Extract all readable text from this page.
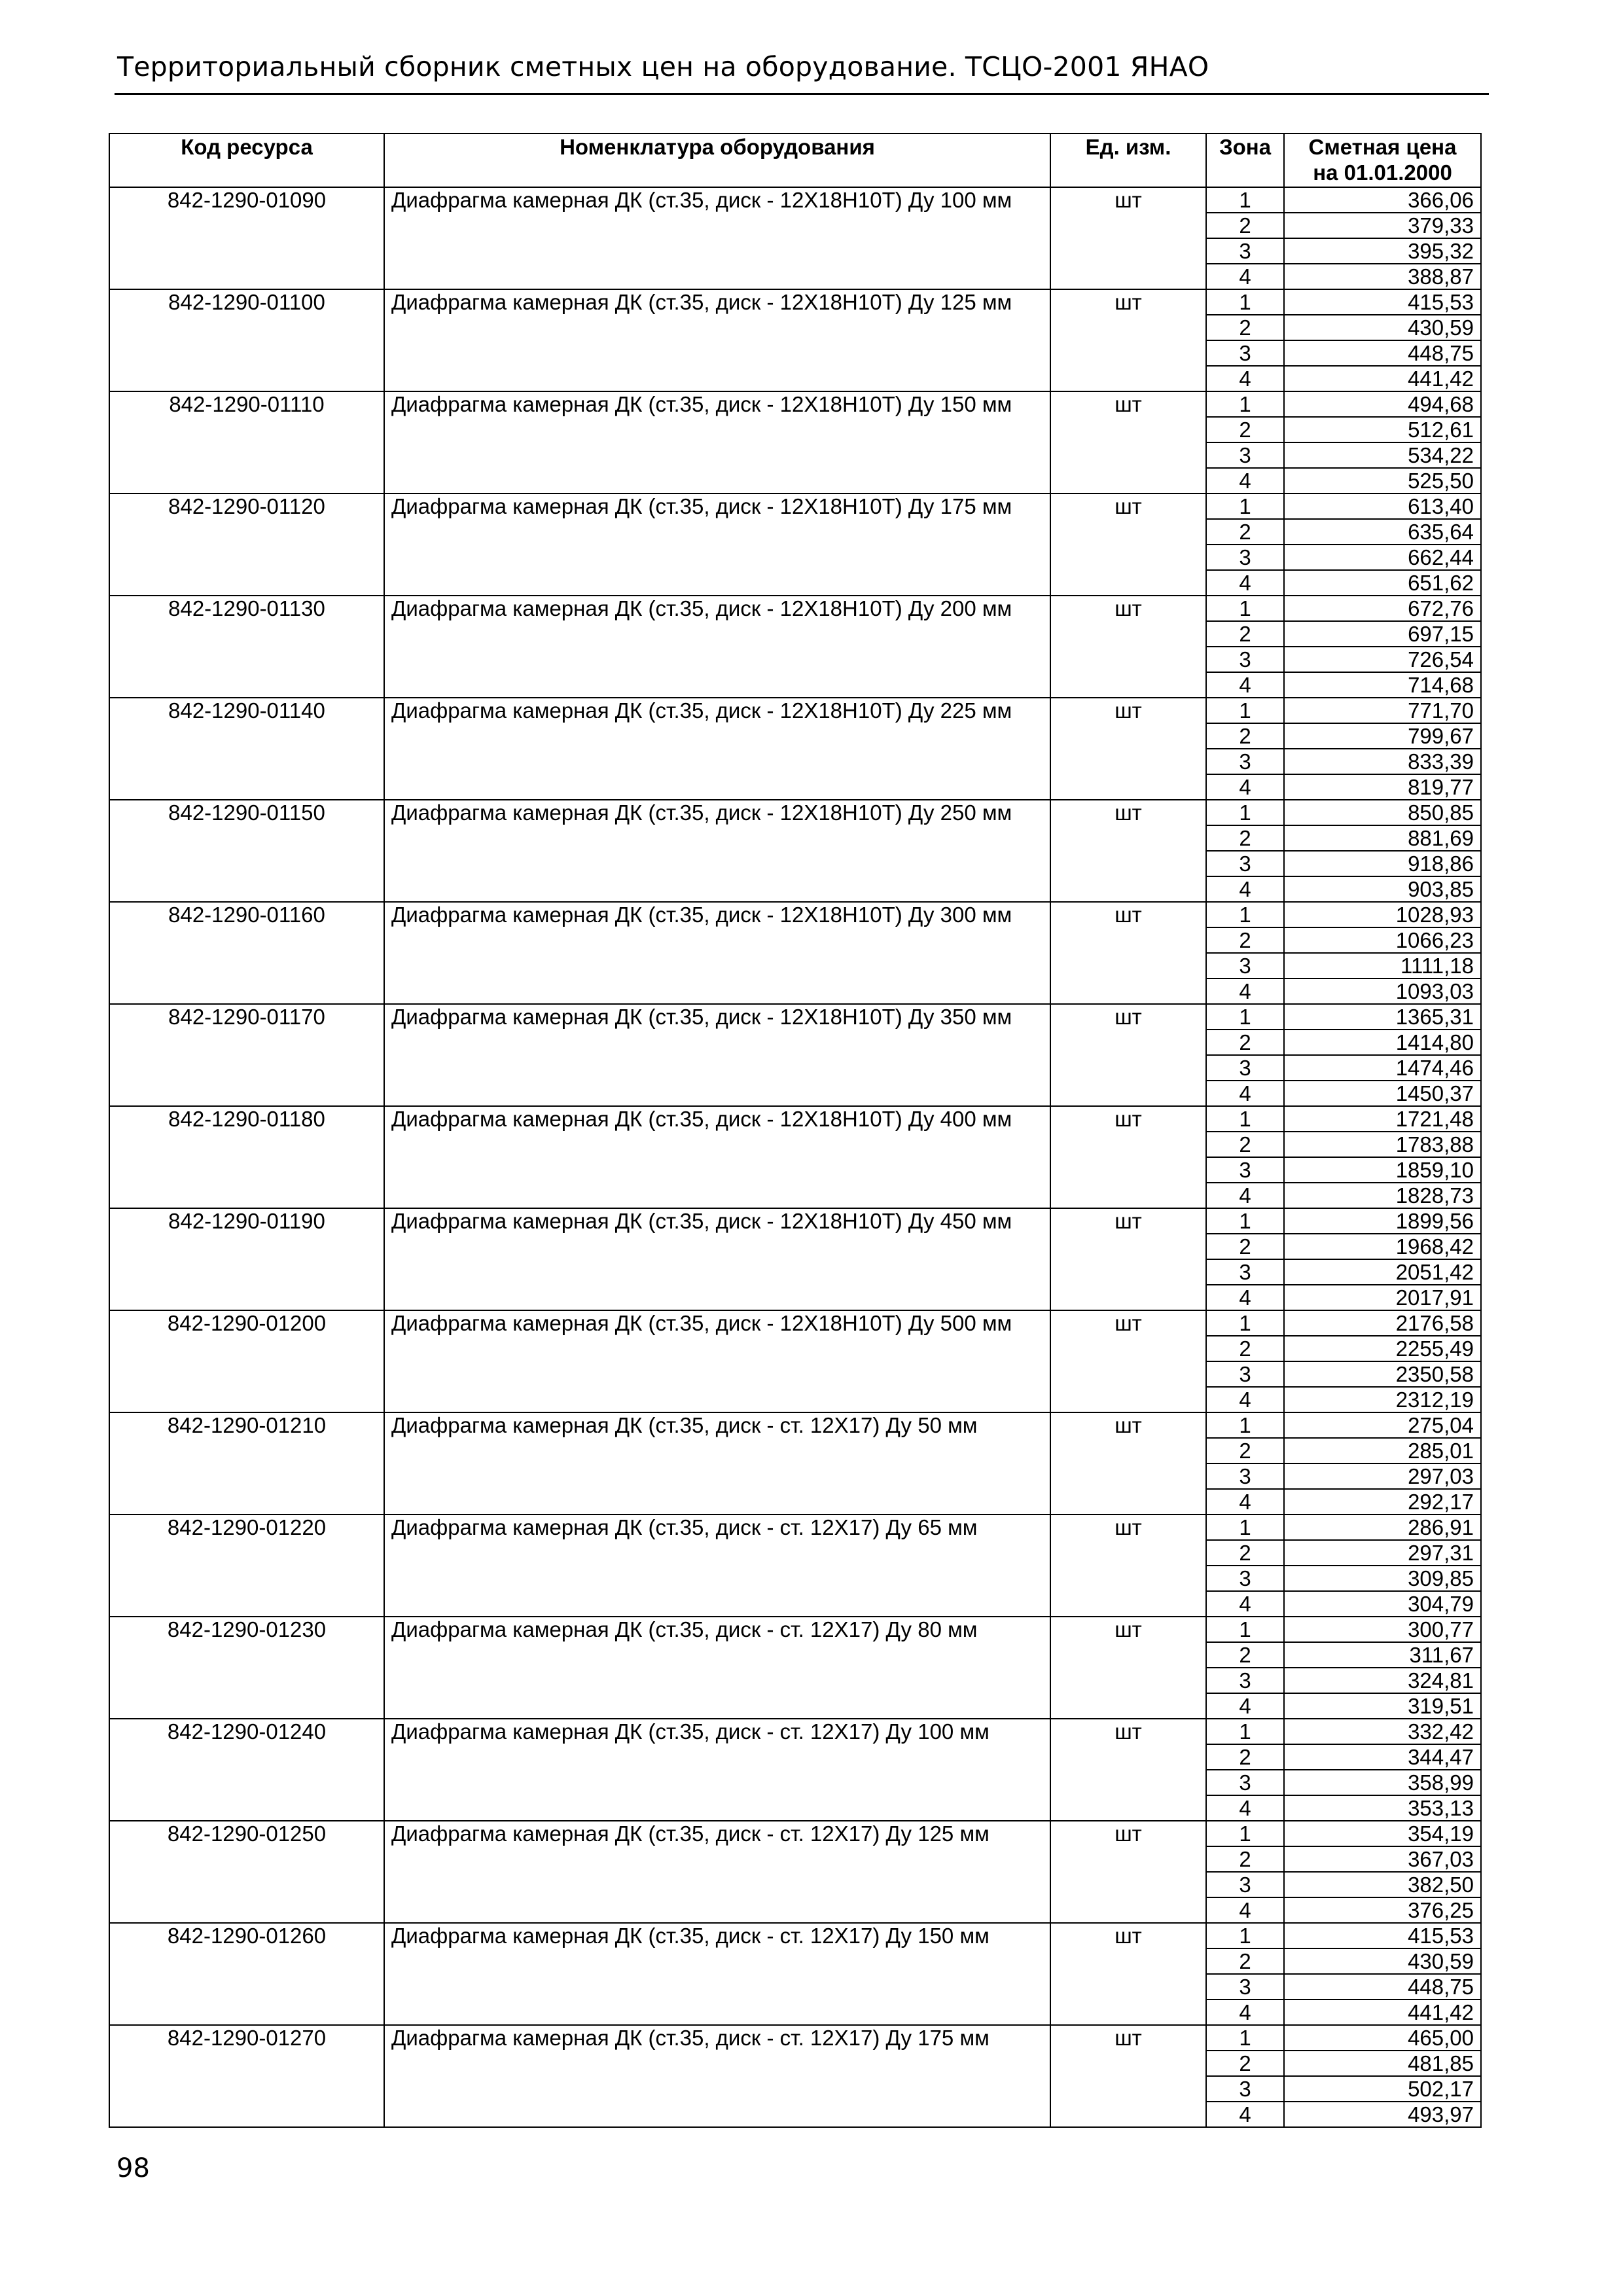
Территориальный сборник сметных цен на оборудование. ТСЦО-2001 ЯНАО
Код ресурса	Номенклатура оборудования	Ед. изм.	Зона	Сметная цена
на 01.01.2000

842-1290-01090	Диафрагма камерная ДК (ст.35, диск - 12Х18Н10Т) Ду 100 мм	шт	1	366,06
			2	379,33
			3	395,32
			4	388,87
842-1290-01100	Диафрагма камерная ДК (ст.35, диск - 12Х18Н10Т) Ду 125 мм	шт	1	415,53
			2	430,59
			3	448,75
			4	441,42
842-1290-01110	Диафрагма камерная ДК (ст.35, диск - 12Х18Н10Т) Ду 150 мм	шт	1	494,68
			2	512,61
			3	534,22
			4	525,50
842-1290-01120	Диафрагма камерная ДК (ст.35, диск - 12Х18Н10Т) Ду 175 мм	шт	1	613,40
			2	635,64
			3	662,44
			4	651,62
842-1290-01130	Диафрагма камерная ДК (ст.35, диск - 12Х18Н10Т) Ду 200 мм	шт	1	672,76
			2	697,15
			3	726,54
			4	714,68
842-1290-01140	Диафрагма камерная ДК (ст.35, диск - 12Х18Н10Т) Ду 225 мм	шт	1	771,70
			2	799,67
			3	833,39
			4	819,77
842-1290-01150	Диафрагма камерная ДК (ст.35, диск - 12Х18Н10Т) Ду 250 мм	шт	1	850,85
			2	881,69
			3	918,86
			4	903,85
842-1290-01160	Диафрагма камерная ДК (ст.35, диск - 12Х18Н10Т) Ду 300 мм	шт	1	1028,93
			2	1066,23
			3	1111,18
			4	1093,03
842-1290-01170	Диафрагма камерная ДК (ст.35, диск - 12Х18Н10Т) Ду 350 мм	шт	1	1365,31
			2	1414,80
			3	1474,46
			4	1450,37
842-1290-01180	Диафрагма камерная ДК (ст.35, диск - 12Х18Н10Т) Ду 400 мм	шт	1	1721,48
			2	1783,88
			3	1859,10
			4	1828,73
842-1290-01190	Диафрагма камерная ДК (ст.35, диск - 12Х18Н10Т) Ду 450 мм	шт	1	1899,56
			2	1968,42
			3	2051,42
			4	2017,91
842-1290-01200	Диафрагма камерная ДК (ст.35, диск - 12Х18Н10Т) Ду 500 мм	шт	1	2176,58
			2	2255,49
			3	2350,58
			4	2312,19
842-1290-01210	Диафрагма камерная ДК (ст.35, диск - ст. 12Х17) Ду 50 мм	шт	1	275,04
			2	285,01
			3	297,03
			4	292,17
842-1290-01220	Диафрагма камерная ДК (ст.35, диск - ст. 12Х17) Ду 65 мм	шт	1	286,91
			2	297,31
			3	309,85
			4	304,79
842-1290-01230	Диафрагма камерная ДК (ст.35, диск - ст. 12Х17) Ду 80 мм	шт	1	300,77
			2	311,67
			3	324,81
			4	319,51
842-1290-01240	Диафрагма камерная ДК (ст.35, диск - ст. 12Х17) Ду 100 мм	шт	1	332,42
			2	344,47
			3	358,99
			4	353,13
842-1290-01250	Диафрагма камерная ДК (ст.35, диск - ст. 12Х17) Ду 125 мм	шт	1	354,19
			2	367,03
			3	382,50
			4	376,25
842-1290-01260	Диафрагма камерная ДК (ст.35, диск - ст. 12Х17) Ду 150 мм	шт	1	415,53
			2	430,59
			3	448,75
			4	441,42
842-1290-01270	Диафрагма камерная ДК (ст.35, диск - ст. 12Х17) Ду 175 мм	шт	1	465,00
			2	481,85
			3	502,17
			4	493,97
98
